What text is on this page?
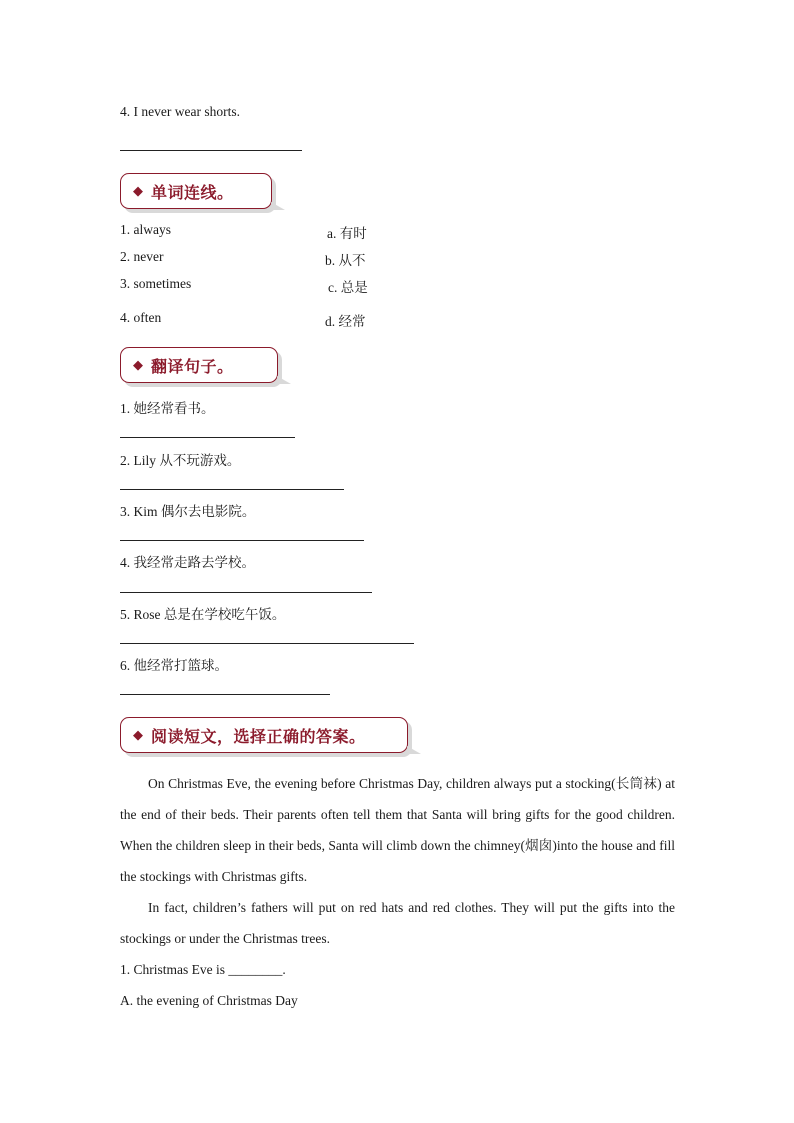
4. I never wear shorts.
◆ 单词连线。
1. always
2. never
3. sometimes
4. often
a. 有时
b. 从不
c. 总是
d. 经常
◆ 翻译句子。
1. 她经常看书。
2. Lily 从不玩游戏。
3. Kim 偶尔去电影院。
4. 我经常走路去学校。
5. Rose 总是在学校吃午饭。
6. 他经常打篮球。
◆ 阅读短文，选择正确的答案。
On Christmas Eve, the evening before Christmas Day, children always put a stocking(长筒袜) at the end of their beds. Their parents often tell them that Santa will bring gifts for the good children. When the children sleep in their beds, Santa will climb down the chimney(烟囱)into the house and fill the stockings with Christmas gifts.
In fact, children’s fathers will put on red hats and red clothes. They will put the gifts into the stockings or under the Christmas trees.
1. Christmas Eve is ________.
A. the evening of Christmas Day
